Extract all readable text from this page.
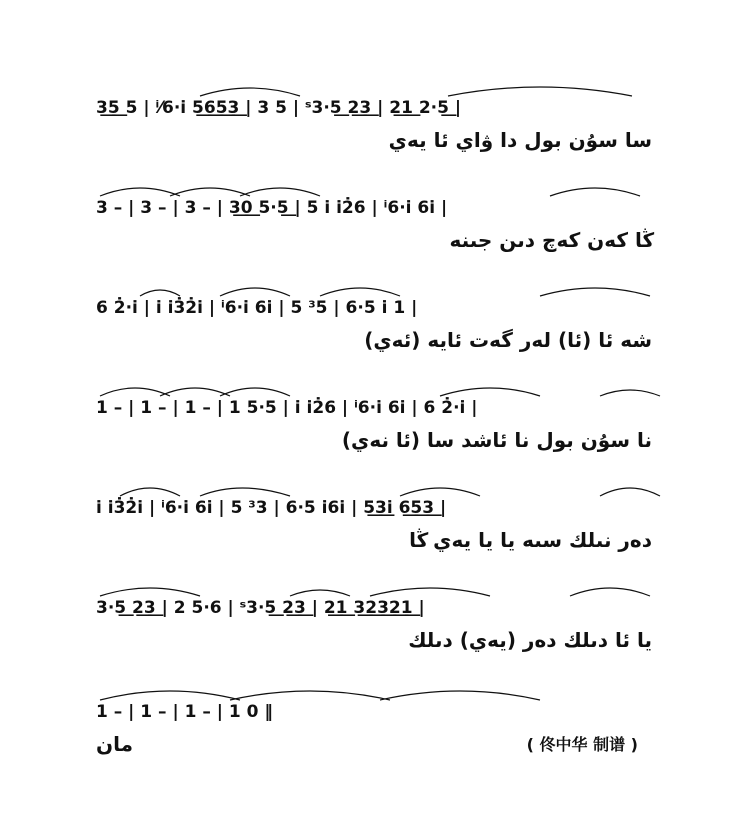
3͟5͟ 5 | ⁱ⁄6·i̇ 5͟6͟5͟3͟ | 3 5 | ˢ3·5͟ 2͟3͟ | 2͟1͟ 2·5͟ |
سا سۇن بول دا ۋاي ئا يەي
3 – | 3 – | 3 – | 3͟0͟ 5·5͟ | 5 i̇ i̇2̇6 | ⁱ6·i̇ 6i̇ |
ڭا كەن كەچ دىن جىنە
6 2̇·i̇ | i̇ i̇3̇2̇i̇ | ⁱ6·i̇ 6i̇ | 5 ³5 | 6·5 i̇ 1 |
شە ئا (ئا) لەر گەت ئايە (ئەي)
1 – | 1 – | 1 – | 1 5·5 | i̇ i̇2̇6 | ⁱ6·i̇ 6i̇ | 6 2̇·i̇ |
نا سۇن بول نا ئاشد سا (ئا نەي)
i̇ i̇3̇2̇i̇ | ⁱ6·i̇ 6i̇ | 5 ³3 | 6·5 i̇6i̇ | 5͟3͟i̇ 6͟5͟3͟ |
دەر نىلك سىە يا يا يەي ڭا
3·5͟ 2͟3͟ | 2 5·6 | ˢ3·5͟ 2͟3͟ | 2͟1͟ 3͟2͟3͟2͟1͟ |
يا ئا دىلك دەر (يەي) دىلك
1 – | 1 – | 1 – | 1 0 ‖
مان	( 佟中华 制谱 )
